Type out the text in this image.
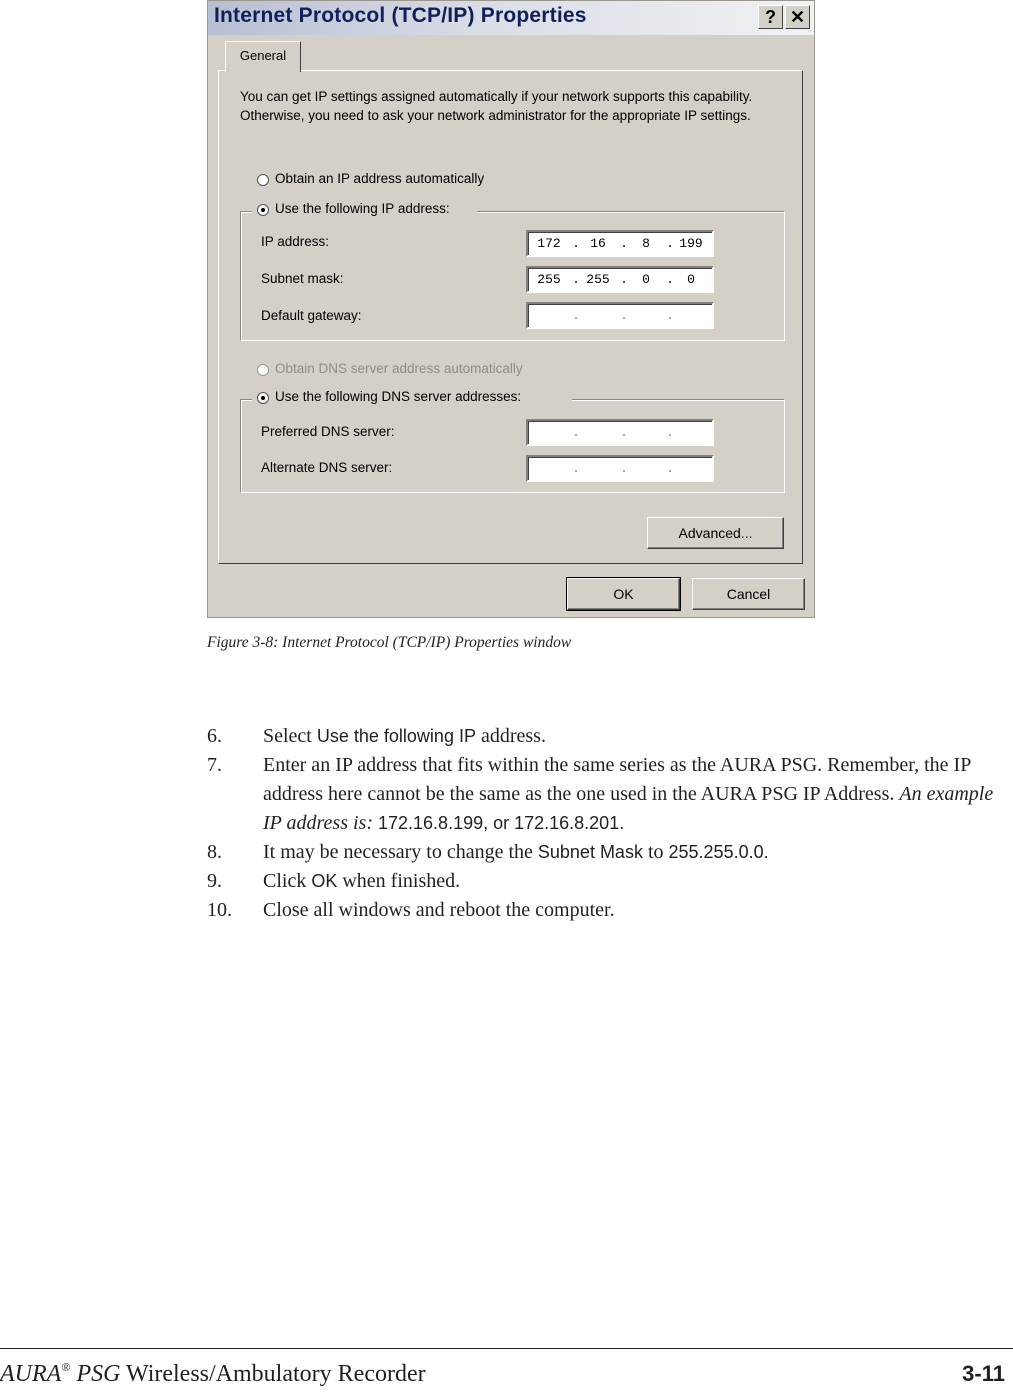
Internet Protocol (TCP/IP) Properties	? ✕
General
You can get IP settings assigned automatically if your network supports this capability. Otherwise, you need to ask your network administrator for the appropriate IP settings.
Obtain an IP address automatically
Use the following IP address:
IP address:	172 . 16	.	8	. 199
Subnet mask:	255 . 255 .	0	.	0
Default gateway:	.	.	.
Obtain DNS server address automatically
Use the following DNS server addresses:
Preferred DNS server:	.	.	.
Alternate DNS server:	.	.	.
Advanced...
OK	Cancel
Figure 3-8: Internet Protocol (TCP/IP) Properties window
6.	Select Use the following IP address.
7.	Enter an IP address that fits within the same series as the AURA PSG. Remember, the IP address here cannot be the same as the one used in the AURA PSG IP Address. An example IP address is: 172.16.8.199, or 172.16.8.201.
8.	It may be necessary to change the Subnet Mask to 255.255.0.0.
9.	Click OK when finished.
10.	Close all windows and reboot the computer.
AURA® PSG Wireless/Ambulatory Recorder	3-11
